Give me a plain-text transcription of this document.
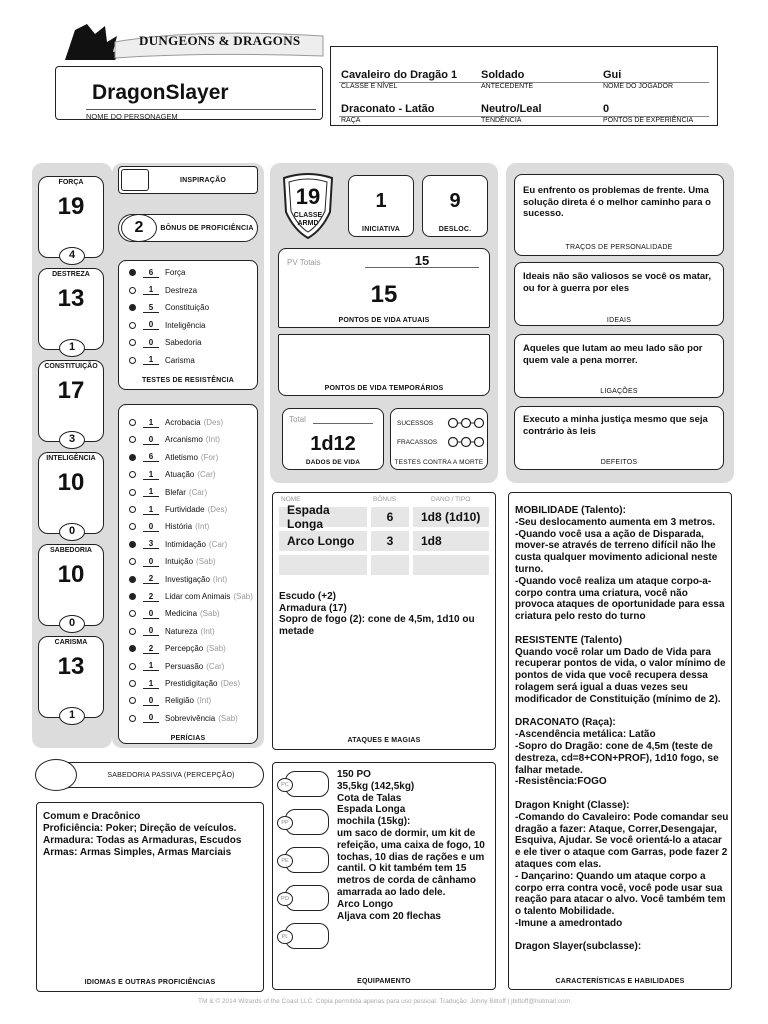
DUNGEONS & DRAGONS
DragonSlayer
NOME DO PERSONAGEM
Cavaleiro do Dragão 1
CLASSE E NÍVEL
Soldado
ANTECEDENTE
Gui
NOME DO JOGADOR
Draconato - Latão
RAÇA
Neutro/Leal
TENDÊNCIA
0
PONTOS DE EXPERIÊNCIA
INSPIRAÇÃO
2	BÔNUS DE PROFICIÊNCIA
6	Força
1	Destreza
5	Constituição
0	Inteligência
0	Sabedoria
1	Carisma
TESTES DE RESISTÊNCIA
1	Acrobacia (Des)
0	Arcanismo (Int)
6	Atletismo (For)
1	Atuação (Car)
1	Blefar (Car)
1	Furtividade (Des)
0	História (Int)
3	Intimidação (Car)
0	Intuição (Sab)
2	Investigação (Int)
2	Lidar com Animais (Sab)
0	Medicina (Sab)
0	Natureza (Int)
2	Percepção (Sab)
1	Persuasão (Car)
1	Prestidigitação (Des)
0	Religião (Int)
0	Sobrevivência (Sab)
PERÍCIAS
SABEDORIA PASSIVA (PERCEPÇÃO)
Comum e Dracônico
Proficiência: Poker; Direção de veículos.
Armadura: Todas as Armaduras, Escudos
Armas: Armas Simples, Armas Marciais
IDIOMAS E OUTRAS PROFICIÊNCIAS
19
CLASSE ARMD
1
INICIATIVA
9
DESLOC.
PV Totais	15
15
PONTOS DE VIDA ATUAIS
PONTOS DE VIDA TEMPORÁRIOS
Total
1d12
DADOS DE VIDA
SUCESSOS
FRACASSOS
TESTES CONTRA A MORTE
NOME	BÔNUS	DANO / TIPO
Espada Longa	6	1d8 (1d10)
Arco Longo	3	1d8
Escudo (+2)
Armadura (17)
Sopro de fogo (2): cone de 4,5m, 1d10 ou metade
ATAQUES E MAGIAS
PC
PP
PE
PO
PL
150 PO
35,5kg (142,5kg)
Cota de Talas
Espada Longa
mochila (15kg):
um saco de dormir, um kit de refeição, uma caixa de fogo, 10 tochas, 10 dias de rações e um cantil. O kit também tem 15 metros de corda de cânhamo amarrada ao lado dele.
Arco Longo
Aljava com 20 flechas
EQUIPAMENTO
Eu enfrento os problemas de frente. Uma solução direta é o melhor caminho para o sucesso.
TRAÇOS DE PERSONALIDADE
Ideais não são valiosos se você os matar, ou for à guerra por eles
IDEAIS
Aqueles que lutam ao meu lado são por quem vale a pena morrer.
LIGAÇÕES
Executo a minha justiça mesmo que seja contrário às leis
DEFEITOS
MOBILIDADE (Talento):
-Seu deslocamento aumenta em 3 metros.
-Quando você usa a ação de Disparada, mover-se através de terreno difícil não lhe custa qualquer movimento adicional neste turno.
-Quando você realiza um ataque corpo-a-corpo contra uma criatura, você não provoca ataques de oportunidade para essa criatura pelo resto do turno
RESISTENTE (Talento)
Quando você rolar um Dado de Vida para recuperar pontos de vida, o valor mínimo de pontos de vida que você recupera dessa rolagem será igual a duas vezes seu modificador de Constituição (mínimo de 2).
DRACONATO (Raça):
-Ascendência metálica: Latão
-Sopro do Dragão: cone de 4,5m (teste de destreza, cd=8+CON+PROF), 1d10 fogo, se falhar metade.
-Resistência:FOGO
Dragon Knight (Classe):
-Comando do Cavaleiro: Pode comandar seu dragão a fazer: Ataque, Correr,Desengajar, Esquiva, Ajudar. Se você orientá-lo a atacar e ele tiver o ataque com Garras, pode fazer 2 ataques com elas.
- Dançarino: Quando um ataque corpo a corpo erra contra você, você pode usar sua reação para atacar o alvo. Você também tem o talento Mobilidade.
-Imune a amedrontado
Dragon Slayer(subclasse):
CARACTERÍSTICAS E HABILIDADES
TM & © 2014 Wizards of the Coast LLC. Cópia permitida apenas para uso pessoal. Tradução: Johny Bittoff | jbittoff@hotmail.com
FORÇA
19
4
DESTREZA
13
1
CONSTITUIÇÃO
17
3
INTELIGÊNCIA
10
0
SABEDORIA
10
0
CARISMA
13
1
